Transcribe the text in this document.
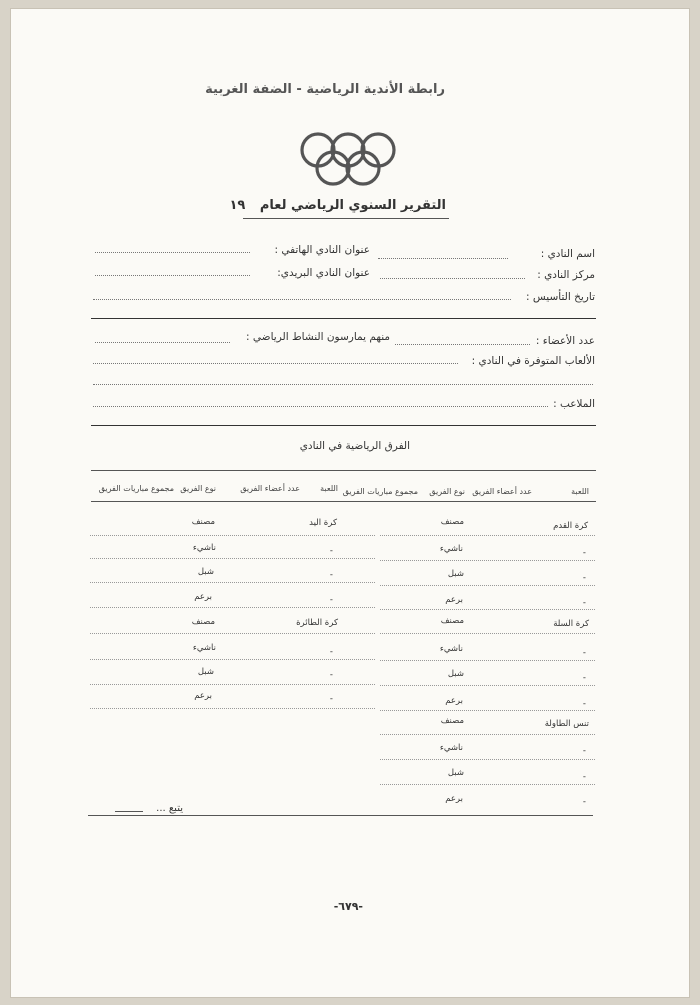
رابطة الأندية الرياضية - الضفة الغربية
التقرير السنوي الرياضي لعام ١٩
اسم النادي :
عنوان النادي الهاتفي :
مركز النادي :
عنوان النادي البريدي:
تاريخ التأسيس :
عدد الأعضاء :
منهم يمارسون النشاط الرياضي :
الألعاب المتوفرة في النادي :
الملاعب :
الفرق الرياضية في النادي
اللعبة
عدد أعضاء الفريق
نوع الفريق
مجموع مباريات الفريق
اللعبة
عدد أعضاء الفريق
نوع الفريق
مجموع مباريات الفريق
كرة القدم
مصنف
-
ناشيء
-
شبل
-
برعم
كرة السلة
مصنف
-
ناشيء
-
شبل
-
برعم
تنس الطاولة
مصنف
-
ناشيء
-
شبل
-
برعم
كرة اليد
مصنف
-
ناشيء
-
شبل
-
برعم
كرة الطائرة
مصنف
-
ناشيء
-
شبل
-
برعم
يتبع ...
-٦٧٩-
